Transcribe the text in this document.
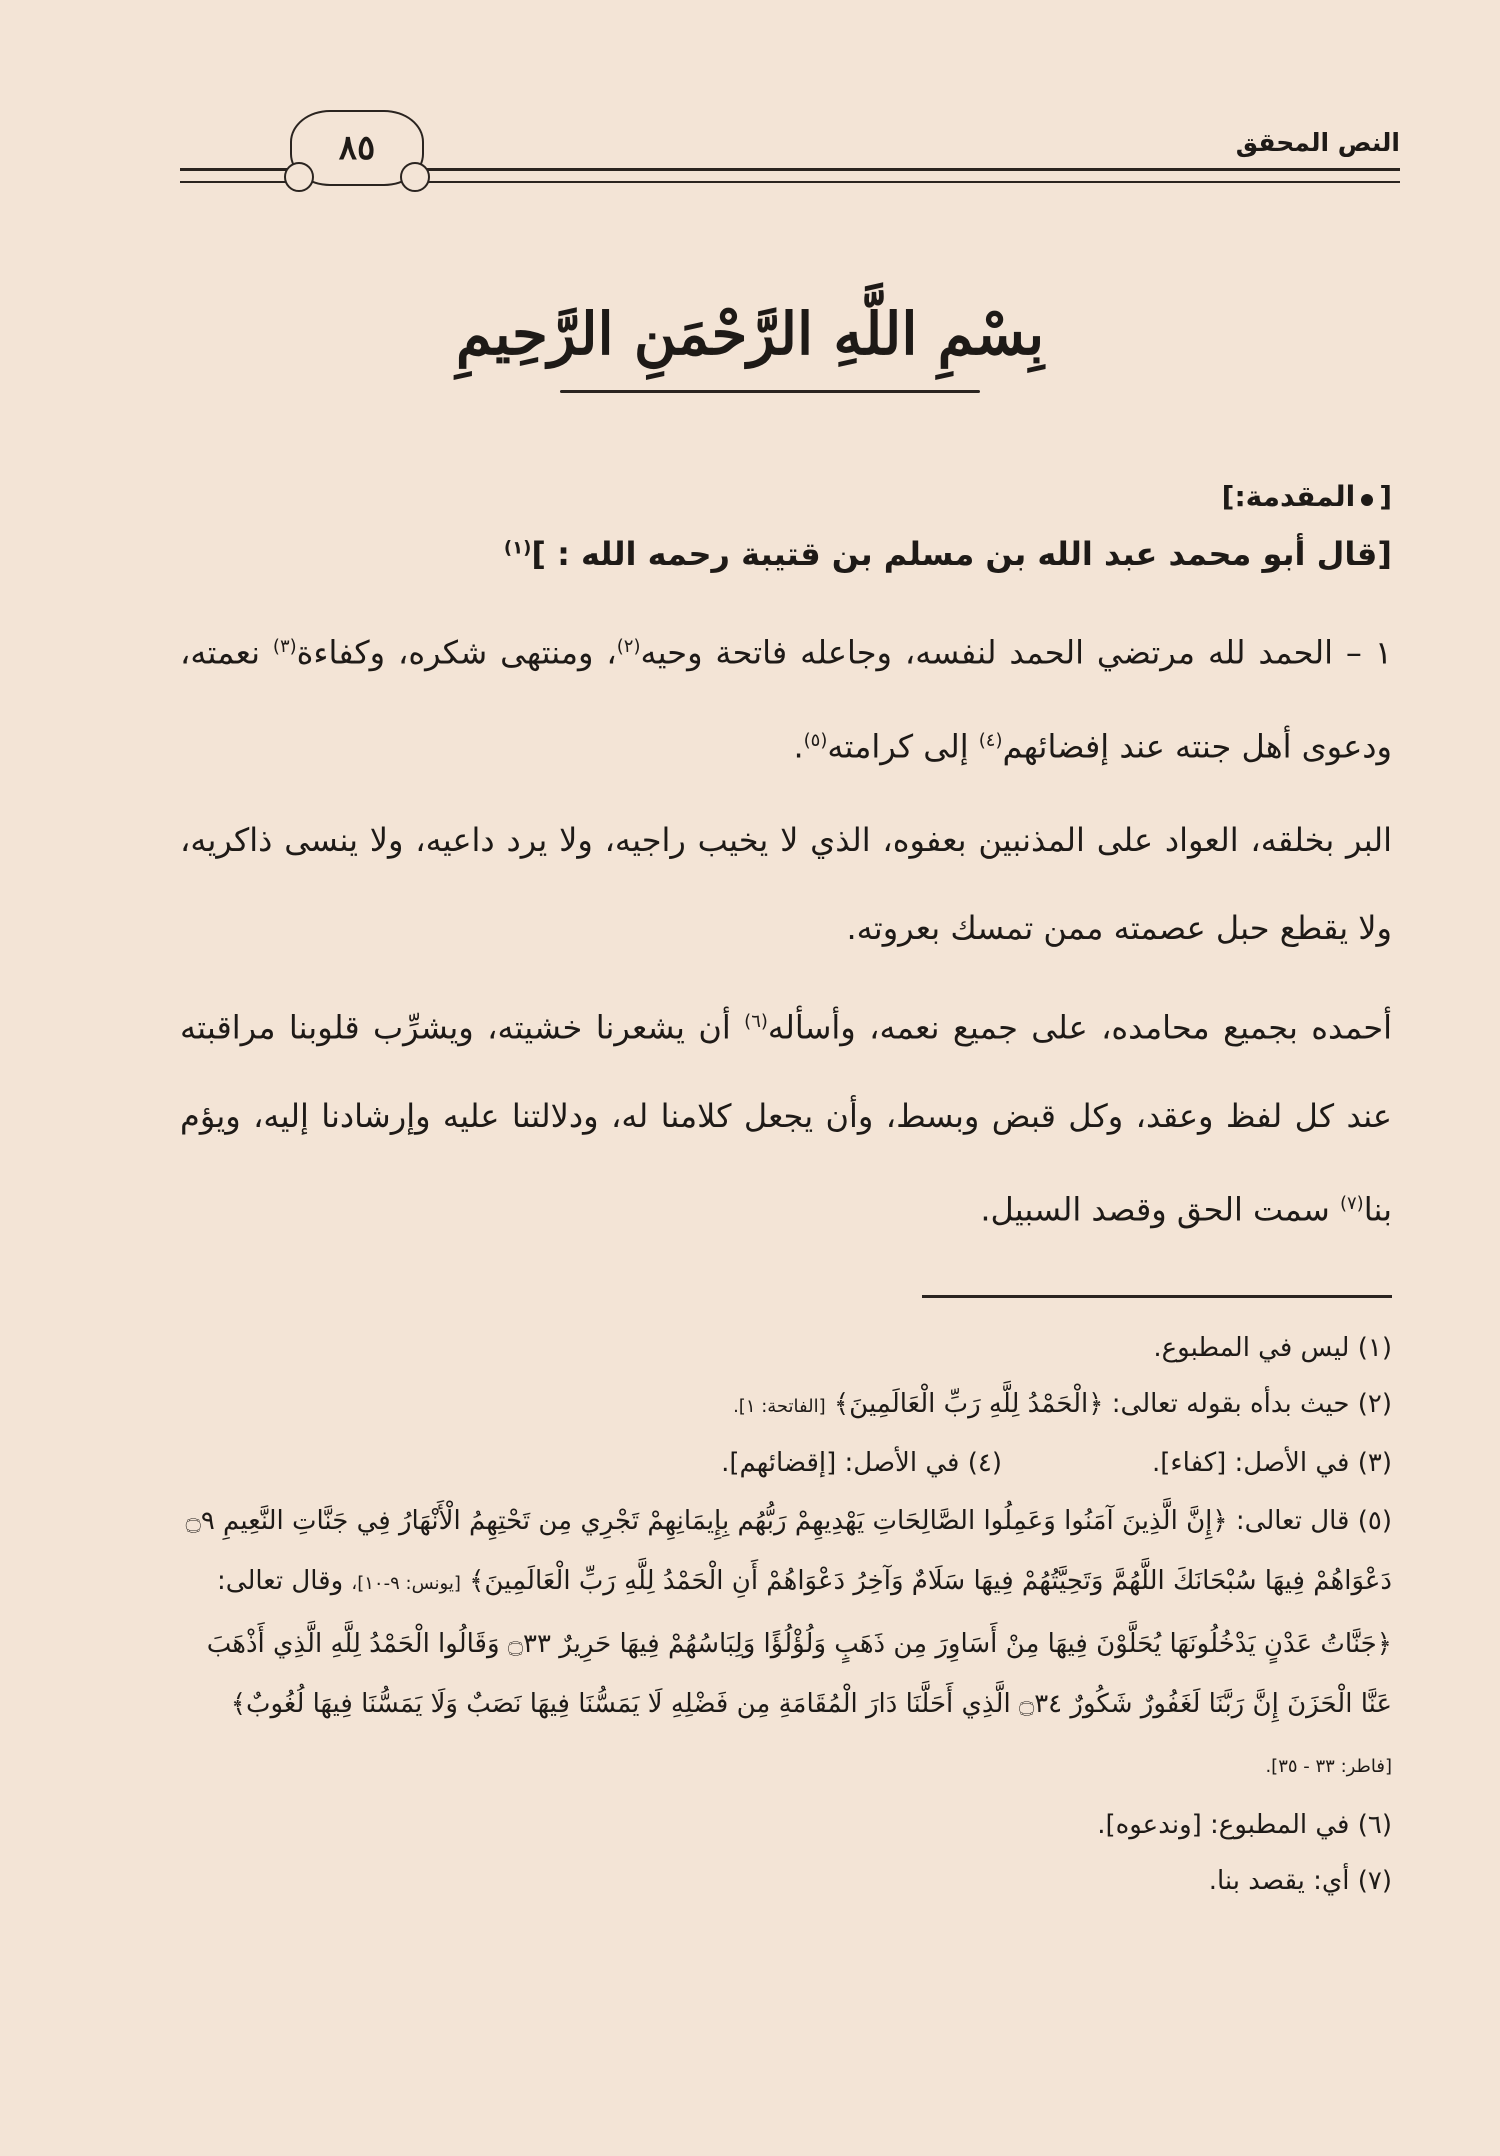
النص المحقق
٨٥
بِسْمِ اللَّهِ الرَّحْمَنِ الرَّحِيمِ

[المقدمة:]

[قال أبو محمد عبد الله بن مسلم بن قتيبة رحمه الله : ]$^{(١)}$

١ – الحمد لله مرتضي الحمد لنفسه، وجاعله فاتحة وحيه$^{(٢)}$، ومنتهى شكره، وكفاءة$^{(٣)}$ نعمته، ودعوى أهل جنته عند إفضائهم$^{(٤)}$ إلى كرامته$^{(٥)}$.

البر بخلقه، العواد على المذنبين بعفوه، الذي لا يخيب راجيه، ولا يرد داعيه، ولا ينسى ذاكريه، ولا يقطع حبل عصمته ممن تمسك بعروته.

أحمده بجميع محامده، على جميع نعمه، وأسأله$^{(٦)}$ أن يشعرنا خشيته، ويشرِّب قلوبنا مراقبته عند كل لفظ وعقد، وكل قبض وبسط، وأن يجعل كلامنا له، ودلالتنا عليه وإرشادنا إليه، ويؤم بنا$^{(٧)}$ سمت الحق وقصد السبيل.

(١) ليس في المطبوع.

(٢) حيث بدأه بقوله تعالى: ﴿الْحَمْدُ لِلَّهِ رَبِّ الْعَالَمِينَ﴾ [الفاتحة: ١].

(٣) في الأصل: [كفاء].

(٤) في الأصل: [إقضائهم].

(٥) قال تعالى: ﴿إِنَّ الَّذِينَ آمَنُوا وَعَمِلُوا الصَّالِحَاتِ يَهْدِيهِمْ رَبُّهُم بِإِيمَانِهِمْ تَجْرِي مِن تَحْتِهِمُ الْأَنْهَارُ فِي جَنَّاتِ النَّعِيمِ ۝٩ دَعْوَاهُمْ فِيهَا سُبْحَانَكَ اللَّهُمَّ وَتَحِيَّتُهُمْ فِيهَا سَلَامٌ وَآخِرُ دَعْوَاهُمْ أَنِ الْحَمْدُ لِلَّهِ رَبِّ الْعَالَمِينَ﴾ [يونس: ٩-١٠]، وقال تعالى: ﴿جَنَّاتُ عَدْنٍ يَدْخُلُونَهَا يُحَلَّوْنَ فِيهَا مِنْ أَسَاوِرَ مِن ذَهَبٍ وَلُؤْلُؤًا وَلِبَاسُهُمْ فِيهَا حَرِيرٌ ۝٣٣ وَقَالُوا الْحَمْدُ لِلَّهِ الَّذِي أَذْهَبَ عَنَّا الْحَزَنَ إِنَّ رَبَّنَا لَغَفُورٌ شَكُورٌ ۝٣٤ الَّذِي أَحَلَّنَا دَارَ الْمُقَامَةِ مِن فَضْلِهِ لَا يَمَسُّنَا فِيهَا نَصَبٌ وَلَا يَمَسُّنَا فِيهَا لُغُوبٌ﴾ [فاطر: ٣٣ - ٣٥].

(٦) في المطبوع: [وندعوه].

(٧) أي: يقصد بنا.
